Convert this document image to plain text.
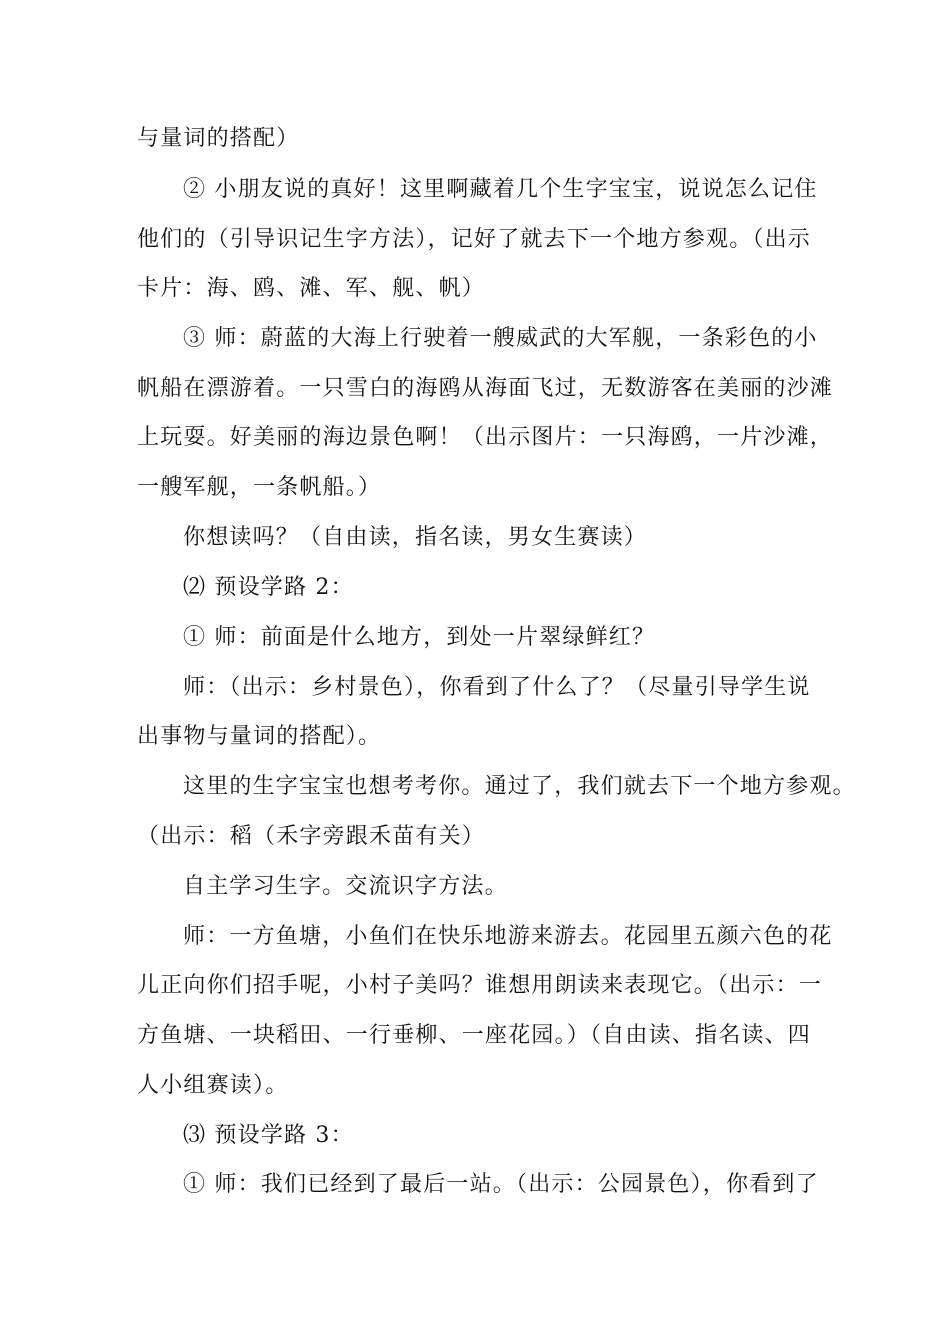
与量词的搭配）
② 小朋友说的真好！这里啊藏着几个生字宝宝，说说怎么记住
他们的（引导识记生字方法），记好了就去下一个地方参观。（出示
卡片：海、鸥、滩、军、舰、帆）
③ 师：蔚蓝的大海上行驶着一艘威武的大军舰，一条彩色的小
帆船在漂游着。一只雪白的海鸥从海面飞过，无数游客在美丽的沙滩
上玩耍。好美丽的海边景色啊！（出示图片：一只海鸥，一片沙滩，
一艘军舰，一条帆船。）
你想读吗？（自由读，指名读，男女生赛读）
⑵ 预设学路 2：
① 师：前面是什么地方，到处一片翠绿鲜红？
师：（出示：乡村景色），你看到了什么了？（尽量引导学生说
出事物与量词的搭配）。
这里的生字宝宝也想考考你。通过了，我们就去下一个地方参观。
（出示：稻（禾字旁跟禾苗有关）
自主学习生字。交流识字方法。
师：一方鱼塘，小鱼们在快乐地游来游去。花园里五颜六色的花
儿正向你们招手呢，小村子美吗？谁想用朗读来表现它。（出示：一
方鱼塘、一块稻田、一行垂柳、一座花园。）（自由读、指名读、四
人小组赛读）。
⑶ 预设学路 3：
① 师：我们已经到了最后一站。（出示：公园景色），你看到了
